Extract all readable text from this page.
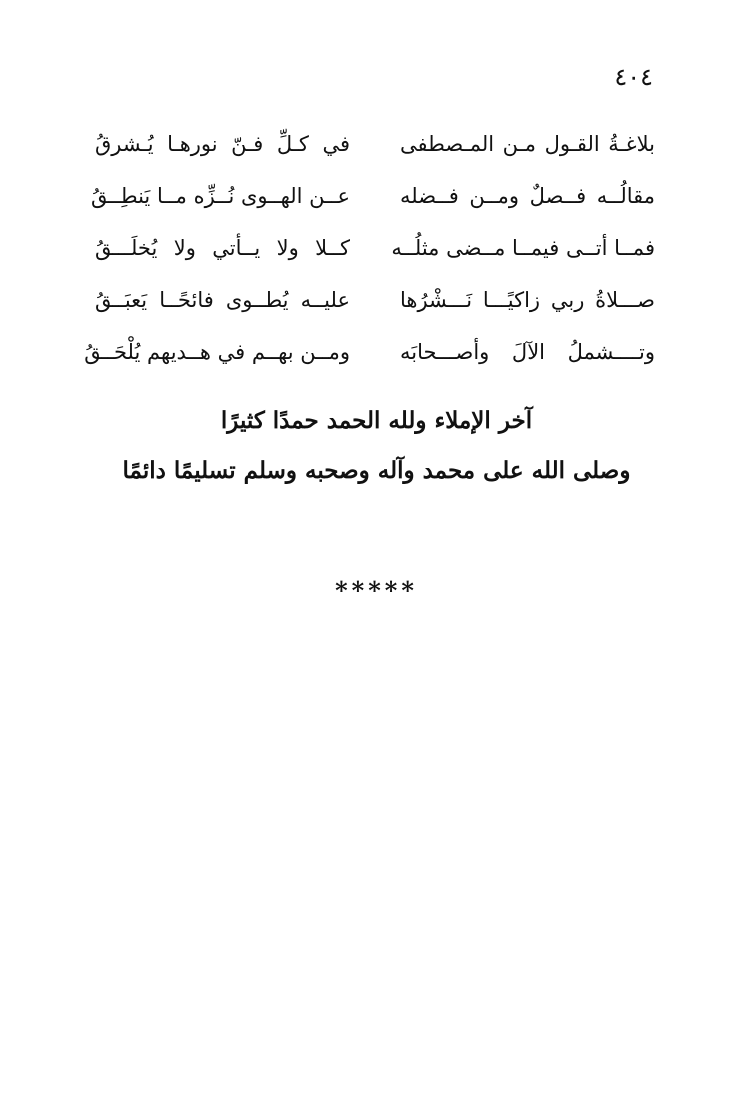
٤٠٤
بلاغـةُ القـول مـن المـصطفى
في كـلِّ فـنّ نورهـا يُـشرقُ
مقالُــه فــصلٌ ومــن فــضله
عــن الهــوى نُــزِّه مــا يَنطِــقُ
فمــا أتــى فيمــا مــضى مثلُــه
كــلا ولا يــأتي ولا يُخلَـــقُ
صـــلاةُ ربي زاكيًـــا نَـــشْرُها
عليــه يُطــوى فائحًــا يَعبَــقُ
وتــــشملُ الآلَ وأصـــحابَه
ومــن بهــم في هــديهم يُلْحَــقُ
آخر الإملاء ولله الحمد حمدًا كثيرًا
وصلى الله على محمد وآله وصحبه وسلم تسليمًا دائمًا
*****
